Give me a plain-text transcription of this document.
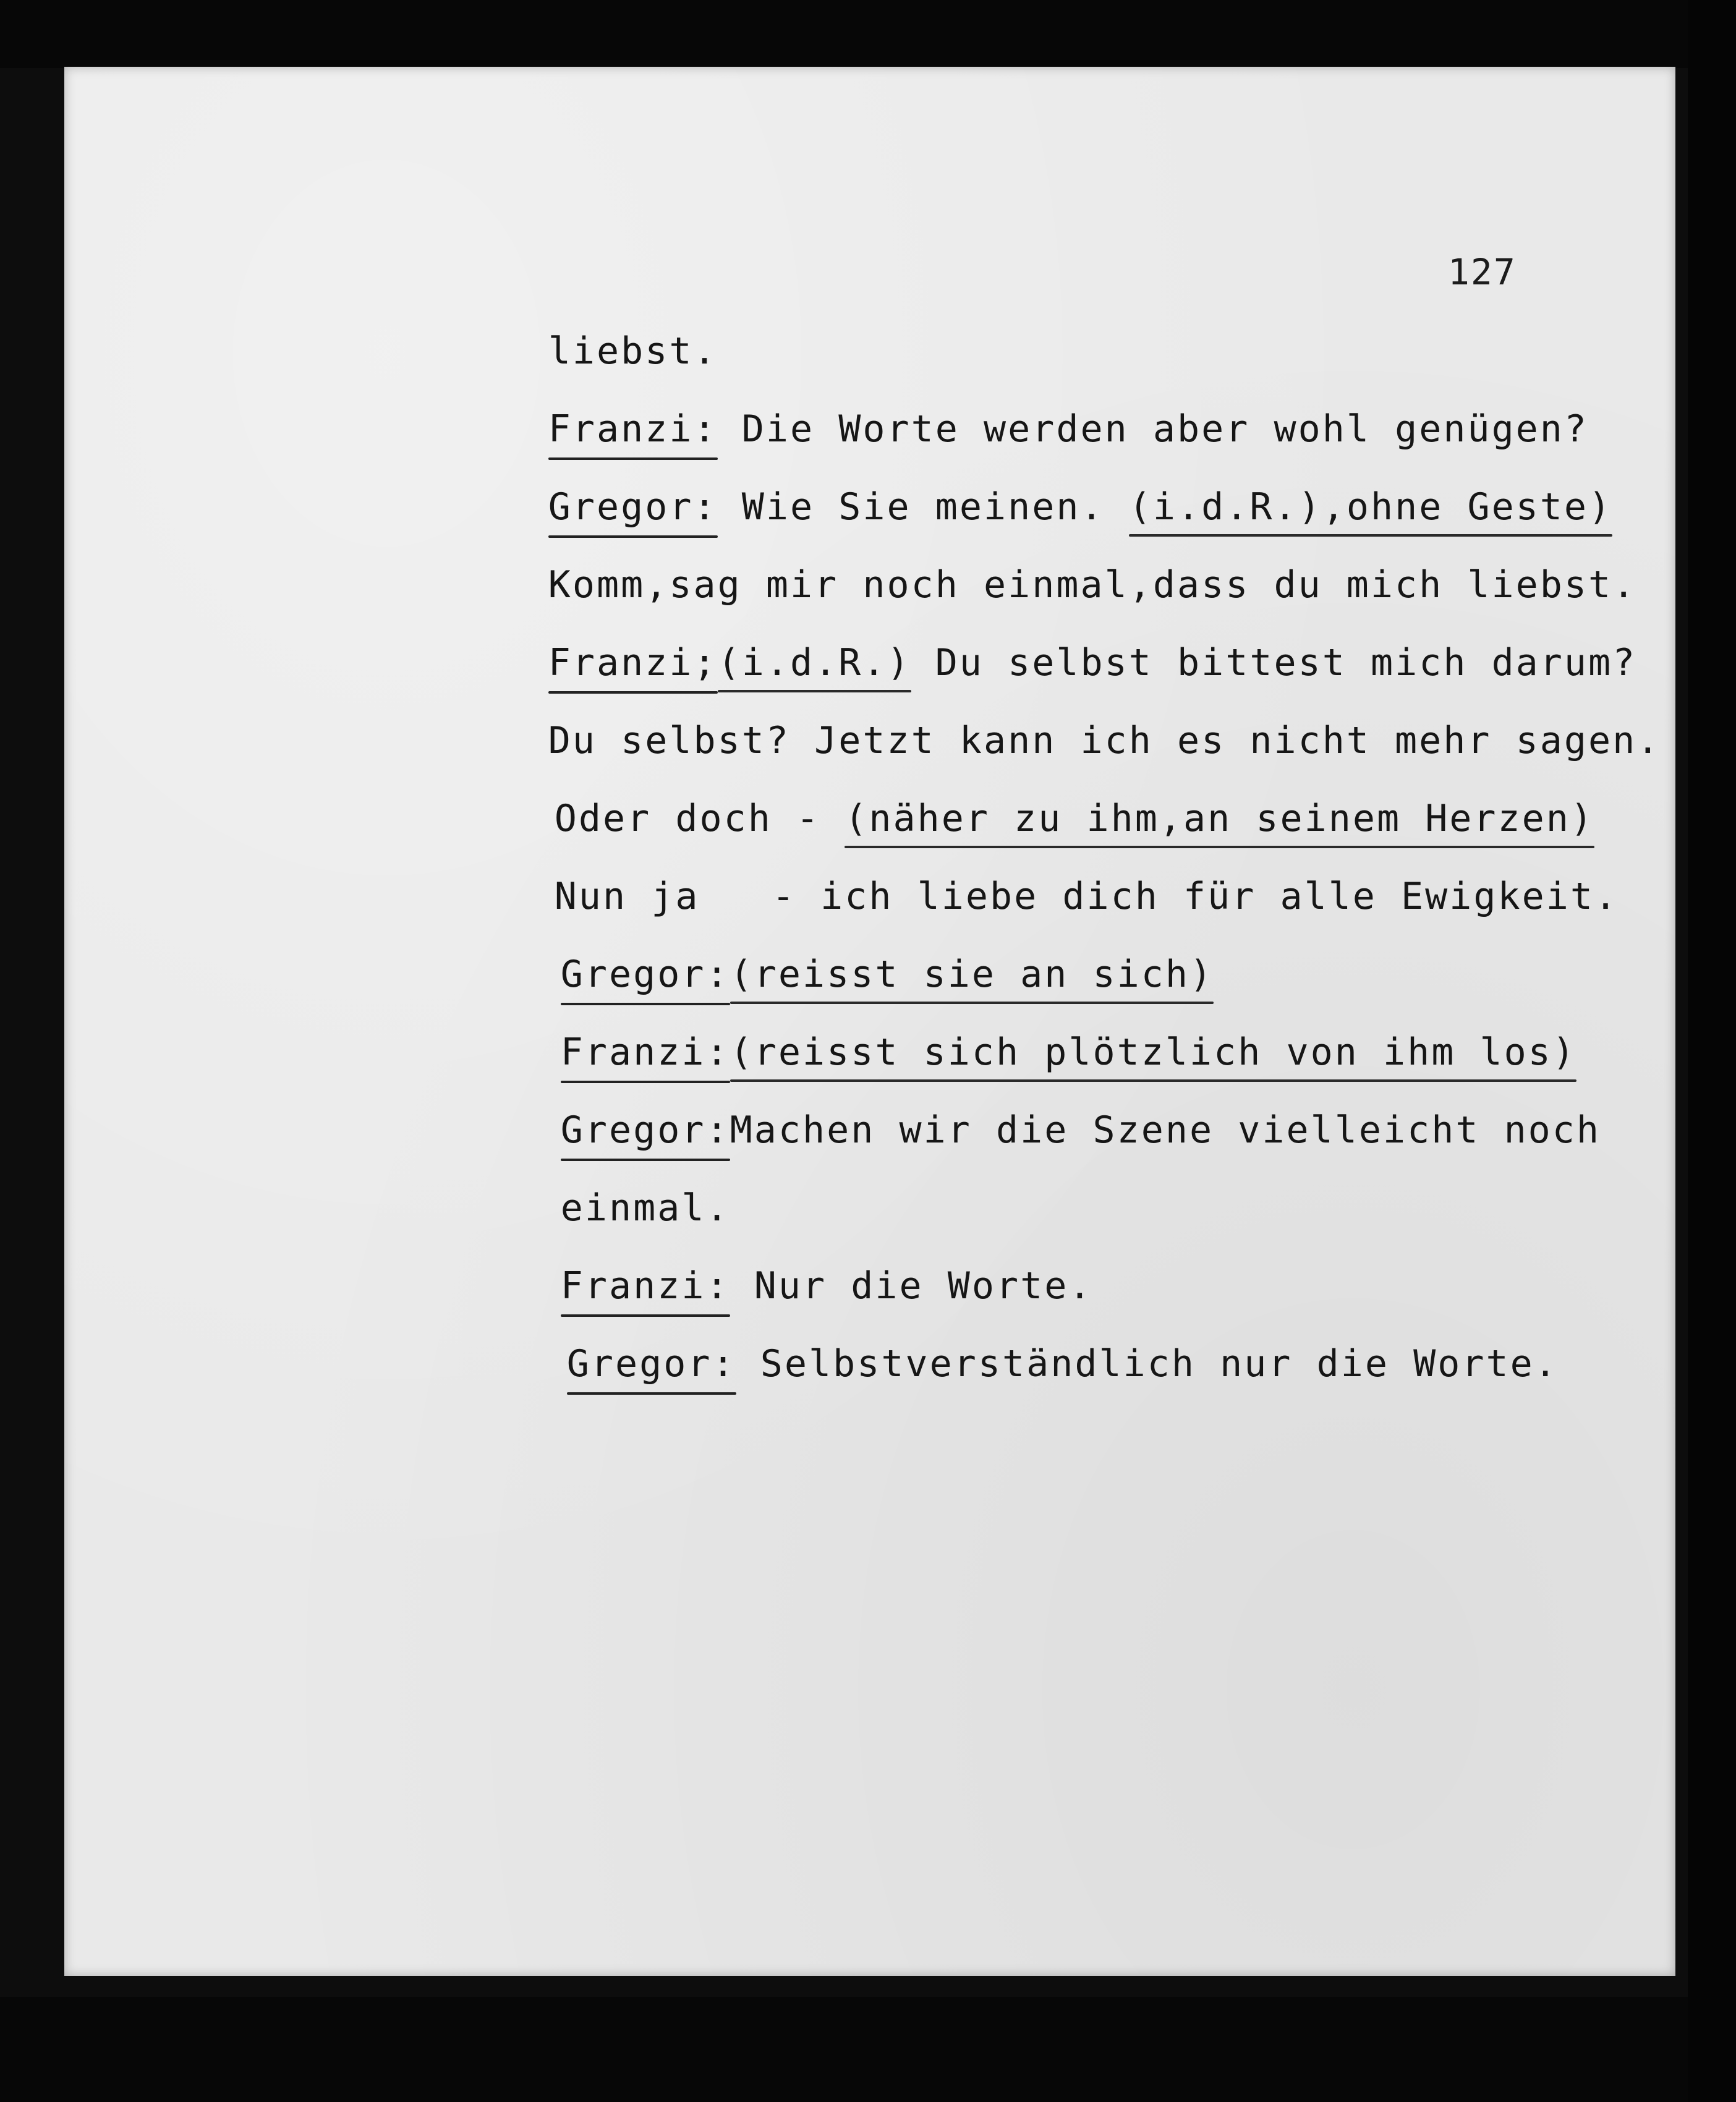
127

liebst.

Franzi: Die Worte werden aber wohl genügen?

Gregor: Wie Sie meinen. (i.d.R.),ohne Geste)

Komm,sag mir noch einmal,dass du mich liebst.

Franzi;(i.d.R.) Du selbst bittest mich darum?

Du selbst? Jetzt kann ich es nicht mehr sagen.

Oder doch - (näher zu ihm,an seinem Herzen)

Nun ja   - ich liebe dich für alle Ewigkeit.

Gregor:(reisst sie an sich)

Franzi:(reisst sich plötzlich von ihm los)

Gregor:Machen wir die Szene vielleicht noch

einmal.

Franzi: Nur die Worte.

Gregor: Selbstverständlich nur die Worte.
